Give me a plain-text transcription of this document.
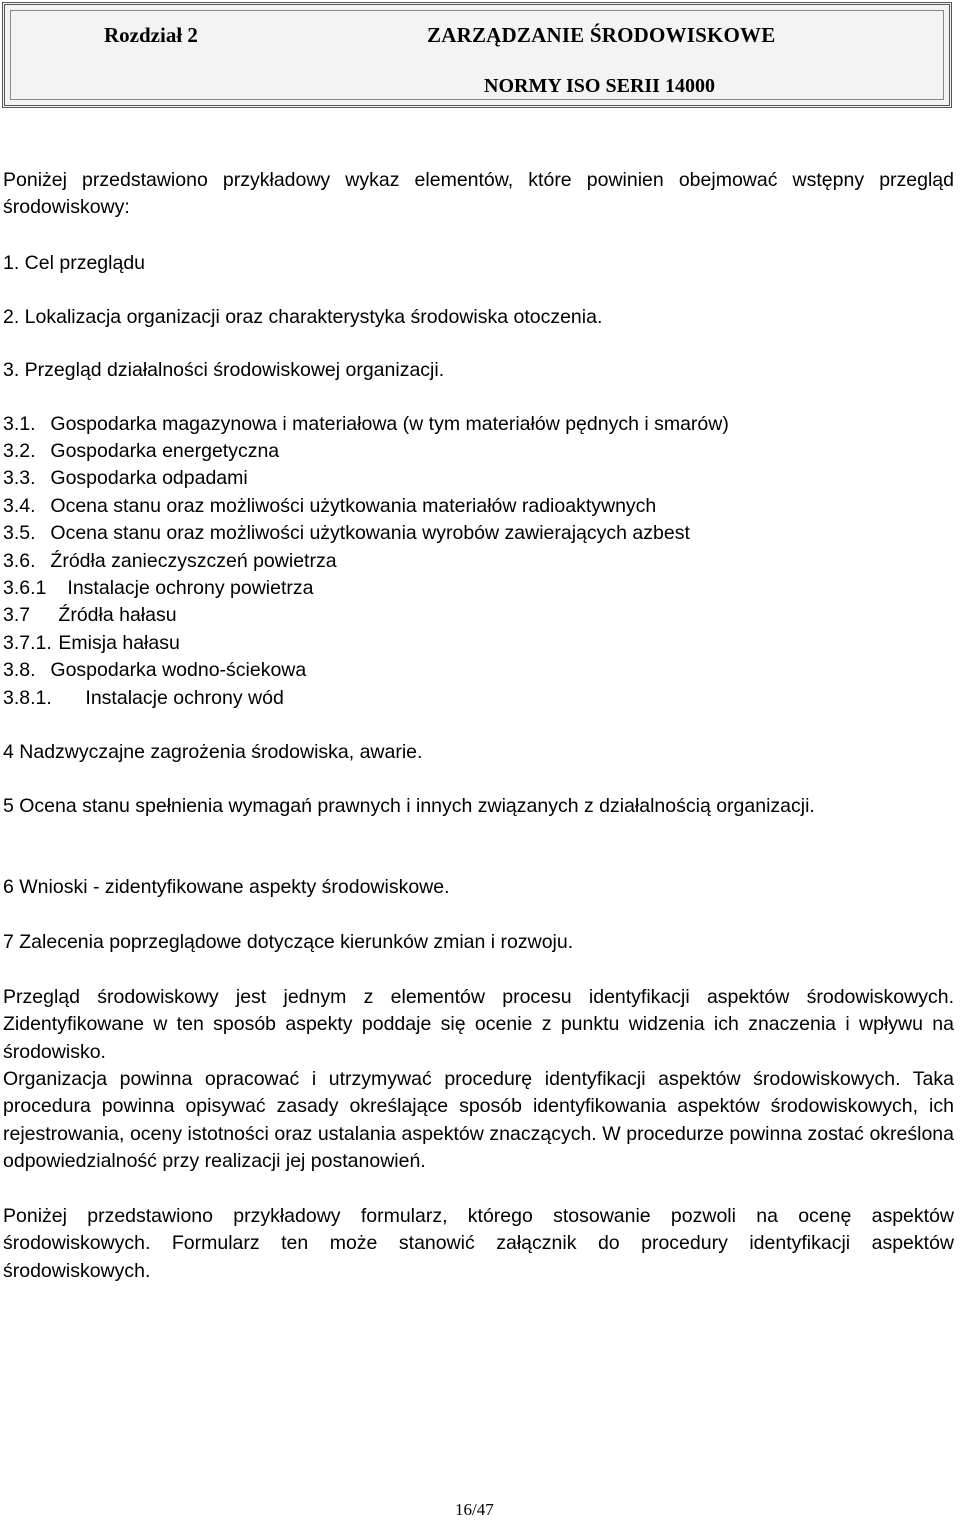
Rozdział 2	ZARZĄDZANIE ŚRODOWISKOWE
NORMY ISO SERII 14000
Poniżej przedstawiono przykładowy wykaz elementów, które powinien obejmować wstępny przegląd środowiskowy:
1. Cel przeglądu
2. Lokalizacja organizacji oraz charakterystyka środowiska otoczenia.
3. Przegląd działalności środowiskowej organizacji.
3.1. Gospodarka magazynowa i materiałowa (w tym materiałów pędnych i smarów)
3.2. Gospodarka energetyczna
3.3. Gospodarka odpadami
3.4. Ocena stanu oraz możliwości użytkowania materiałów radioaktywnych
3.5. Ocena stanu oraz możliwości użytkowania wyrobów zawierających azbest
3.6. Źródła zanieczyszczeń powietrza
3.6.1 Instalacje ochrony powietrza
3.7 Źródła hałasu
3.7.1. Emisja hałasu
3.8. Gospodarka wodno-ściekowa
3.8.1. Instalacje ochrony wód
4 Nadzwyczajne zagrożenia środowiska, awarie.
5 Ocena stanu spełnienia wymagań prawnych i innych związanych z działalnością organizacji.
6 Wnioski - zidentyfikowane aspekty środowiskowe.
7 Zalecenia poprzeglądowe dotyczące kierunków zmian i rozwoju.
Przegląd środowiskowy jest jednym z elementów procesu identyfikacji aspektów środowiskowych. Zidentyfikowane w ten sposób aspekty poddaje się ocenie z punktu widzenia ich znaczenia i wpływu na środowisko.
Organizacja powinna opracować i utrzymywać procedurę identyfikacji aspektów środowiskowych. Taka procedura powinna opisywać zasady określające sposób identyfikowania aspektów środowiskowych, ich rejestrowania, oceny istotności oraz ustalania aspektów znaczących. W procedurze powinna zostać określona odpowiedzialność przy realizacji jej postanowień.
Poniżej przedstawiono przykładowy formularz, którego stosowanie pozwoli na ocenę aspektów środowiskowych. Formularz ten może stanowić załącznik do procedury identyfikacji aspektów środowiskowych.
16/47
